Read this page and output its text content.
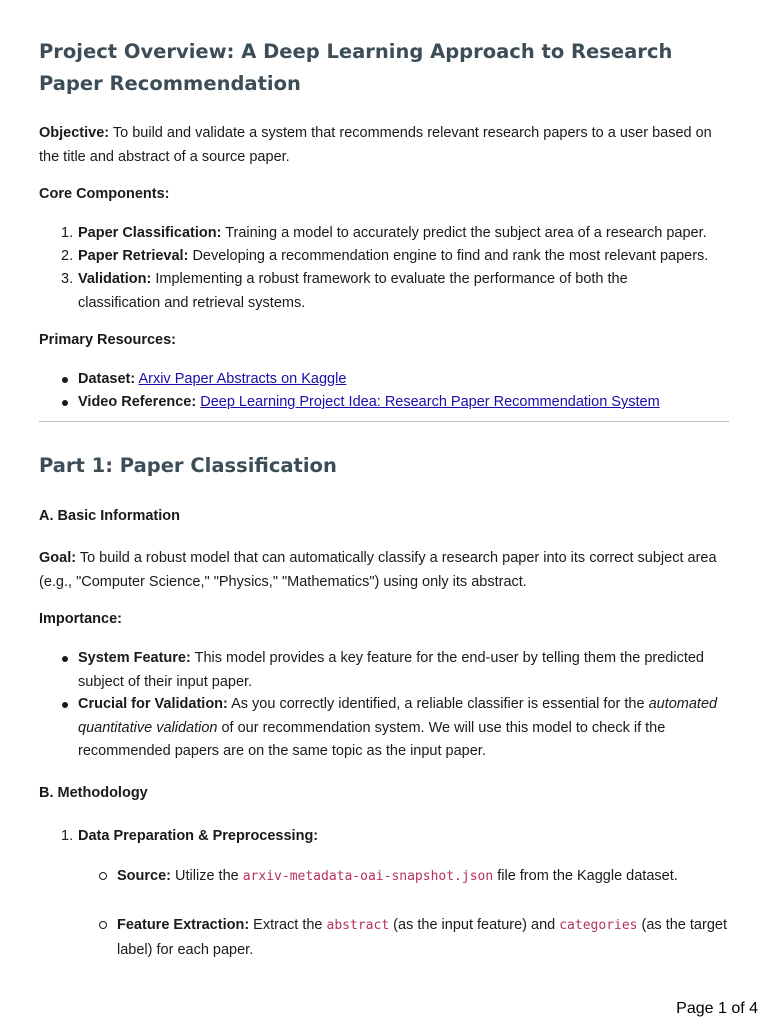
Project Overview: A Deep Learning Approach to Research Paper Recommendation
Objective: To build and validate a system that recommends relevant research papers to a user based on the title and abstract of a source paper.
Core Components:
1. Paper Classification: Training a model to accurately predict the subject area of a research paper.
2. Paper Retrieval: Developing a recommendation engine to find and rank the most relevant papers.
3. Validation: Implementing a robust framework to evaluate the performance of both the classification and retrieval systems.
Primary Resources:
Dataset: Arxiv Paper Abstracts on Kaggle
Video Reference: Deep Learning Project Idea: Research Paper Recommendation System
Part 1: Paper Classification
A. Basic Information
Goal: To build a robust model that can automatically classify a research paper into its correct subject area (e.g., "Computer Science," "Physics," "Mathematics") using only its abstract.
Importance:
System Feature: This model provides a key feature for the end-user by telling them the predicted subject of their input paper.
Crucial for Validation: As you correctly identified, a reliable classifier is essential for the automated quantitative validation of our recommendation system. We will use this model to check if the recommended papers are on the same topic as the input paper.
B. Methodology
1. Data Preparation & Preprocessing:
Source: Utilize the arxiv-metadata-oai-snapshot.json file from the Kaggle dataset.
Feature Extraction: Extract the abstract (as the input feature) and categories (as the target label) for each paper.
Page 1 of 4
